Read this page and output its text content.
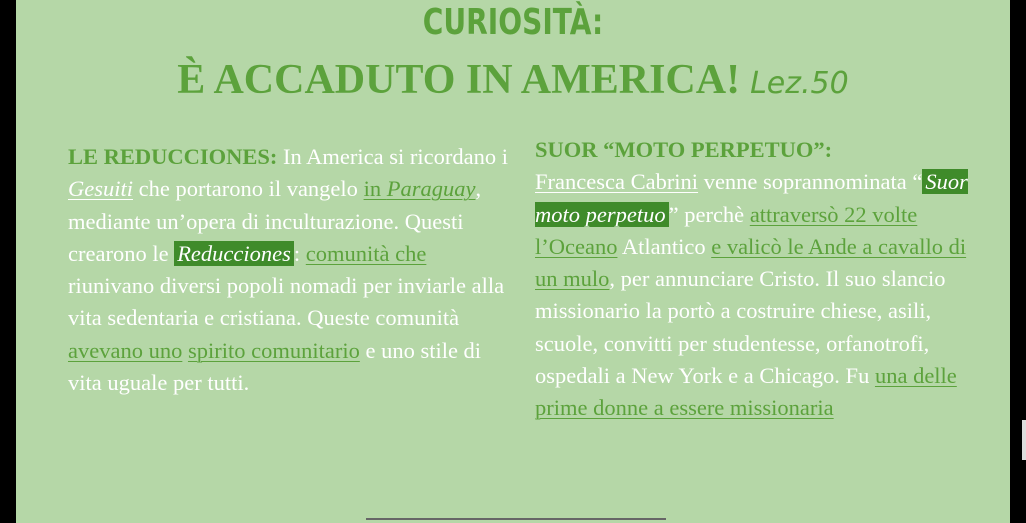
CURIOSITÀ:
È ACCADUTO IN AMERICA! Lez.50
LE REDUCCIONES: In America si ricordano i Gesuiti che portarono il vangelo in Paraguay, mediante un’opera di inculturazione. Questi crearono le Reducciones : comunità che riunivano diversi popoli nomadi per inviarle alla vita sedentaria e cristiana. Queste comunità avevano uno spirito comunitario e uno stile di vita uguale per tutti.
SUOR “MOTO PERPETUO”:
Francesca Cabrini venne soprannominata “ Suor moto perpetuo ” perchè attraversò 22 volte l’Oceano Atlantico e valicò le Ande a cavallo di un mulo, per annunciare Cristo. Il suo slancio missionario la portò a costruire chiese, asili, scuole, convitti per studentesse, orfanotrofi, ospedali a New York e a Chicago. Fu una delle prime donne a essere missionaria
